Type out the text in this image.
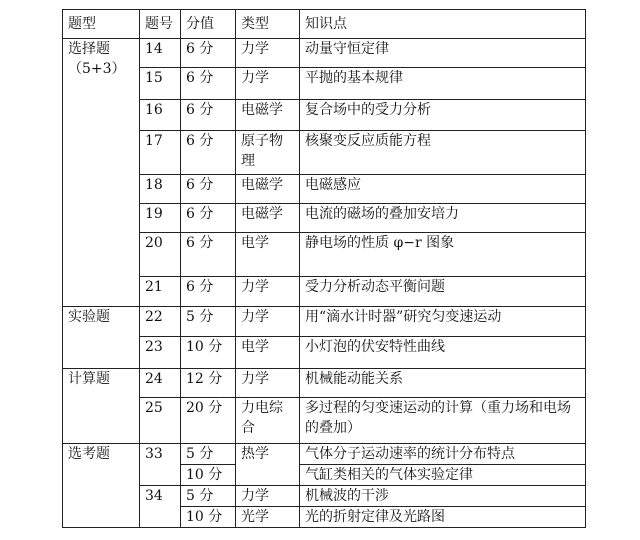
题型	题号	分值	类型	知识点
选择题
（5+3）	14	6 分	力学	动量守恒定律
	15	6 分	力学	平抛的基本规律
	16	6 分	电磁学	复合场中的受力分析
	17	6 分	原子物理	核聚变反应质能方程
	18	6 分	电磁学	电磁感应
	19	6 分	电磁学	电流的磁场的叠加安培力
	20	6 分	电学	静电场的性质 φ−r 图象
	21	6 分	力学	受力分析动态平衡问题
实验题	22	5 分	力学	用“滴水计时器”研究匀变速运动
	23	10 分	电学	小灯泡的伏安特性曲线
计算题	24	12 分	力学	机械能动能关系
	25	20 分	力电综合	多过程的匀变速运动的计算（重力场和电场的叠加）
选考题	33	5 分	热学	气体分子运动速率的统计分布特点
		10 分		气缸类相关的气体实验定律
	34	5 分	力学	机械波的干涉
		10 分	光学	光的折射定律及光路图
